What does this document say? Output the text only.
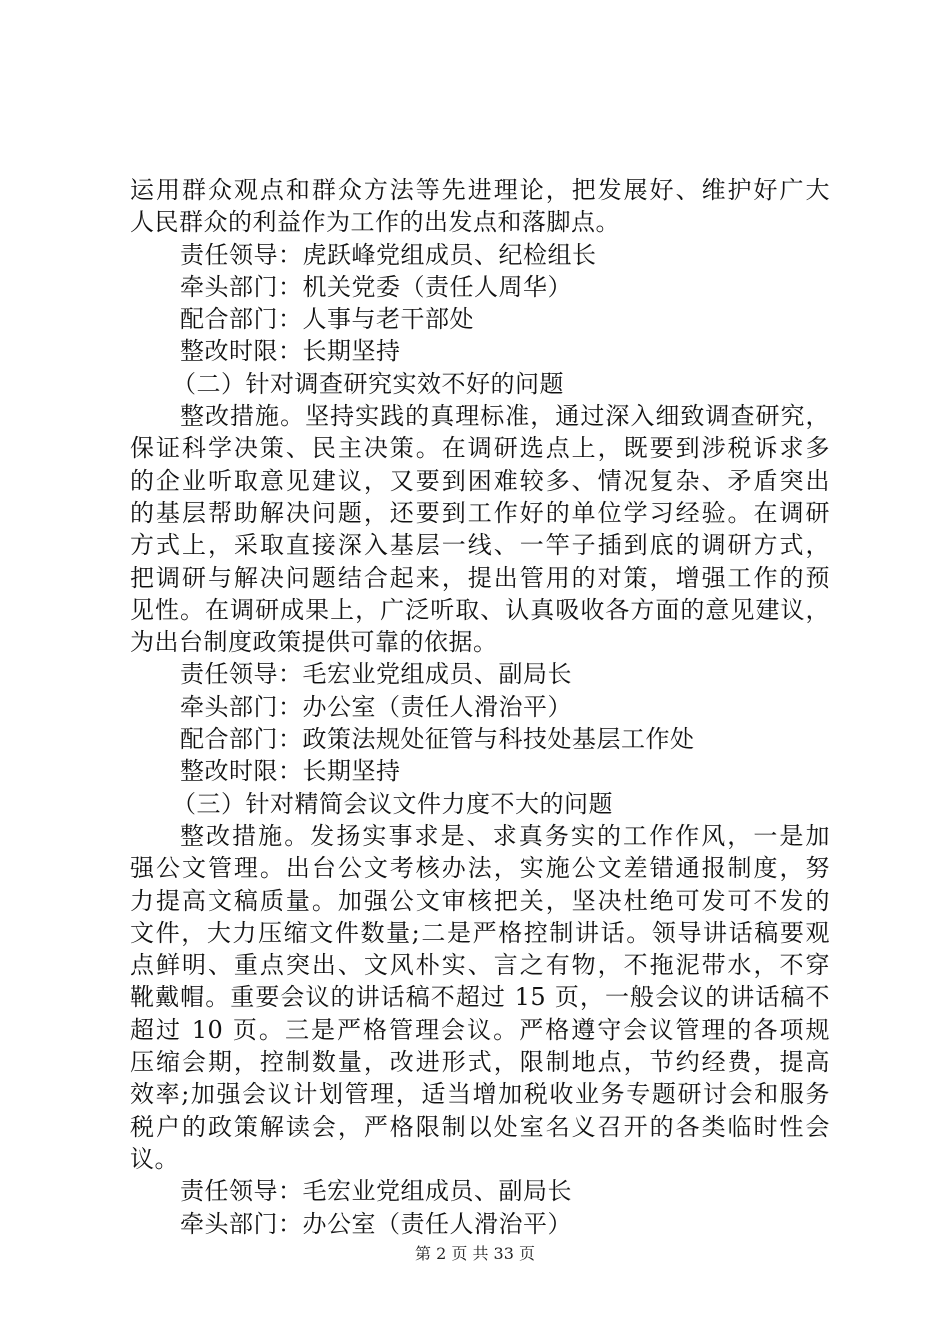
运用群众观点和群众方法等先进理论，把发展好、维护好广大
人民群众的利益作为工作的出发点和落脚点。
责任领导：虎跃峰党组成员、纪检组长
牵头部门：机关党委（责任人周华）
配合部门：人事与老干部处
整改时限：长期坚持
（二）针对调查研究实效不好的问题
整改措施。坚持实践的真理标准，通过深入细致调查研究，
保证科学决策、民主决策。在调研选点上，既要到涉税诉求多
的企业听取意见建议，又要到困难较多、情况复杂、矛盾突出
的基层帮助解决问题，还要到工作好的单位学习经验。在调研
方式上，采取直接深入基层一线、一竿子插到底的调研方式，
把调研与解决问题结合起来，提出管用的对策，增强工作的预
见性。在调研成果上，广泛听取、认真吸收各方面的意见建议，
为出台制度政策提供可靠的依据。
责任领导：毛宏业党组成员、副局长
牵头部门：办公室（责任人滑治平）
配合部门：政策法规处征管与科技处基层工作处
整改时限：长期坚持
（三）针对精简会议文件力度不大的问题
整改措施。发扬实事求是、求真务实的工作作风，一是加
强公文管理。出台公文考核办法，实施公文差错通报制度，努
力提高文稿质量。加强公文审核把关，坚决杜绝可发可不发的
文件，大力压缩文件数量;二是严格控制讲话。领导讲话稿要观
点鲜明、重点突出、文风朴实、言之有物，不拖泥带水，不穿
靴戴帽。重要会议的讲话稿不超过 15 页，一般会议的讲话稿不
超过 10 页。三是严格管理会议。严格遵守会议管理的各项规
压缩会期，控制数量，改进形式，限制地点，节约经费，提高
效率;加强会议计划管理，适当增加税收业务专题研讨会和服务
税户的政策解读会，严格限制以处室名义召开的各类临时性会
议。
责任领导：毛宏业党组成员、副局长
牵头部门：办公室（责任人滑治平）
第 2 页 共 33 页
